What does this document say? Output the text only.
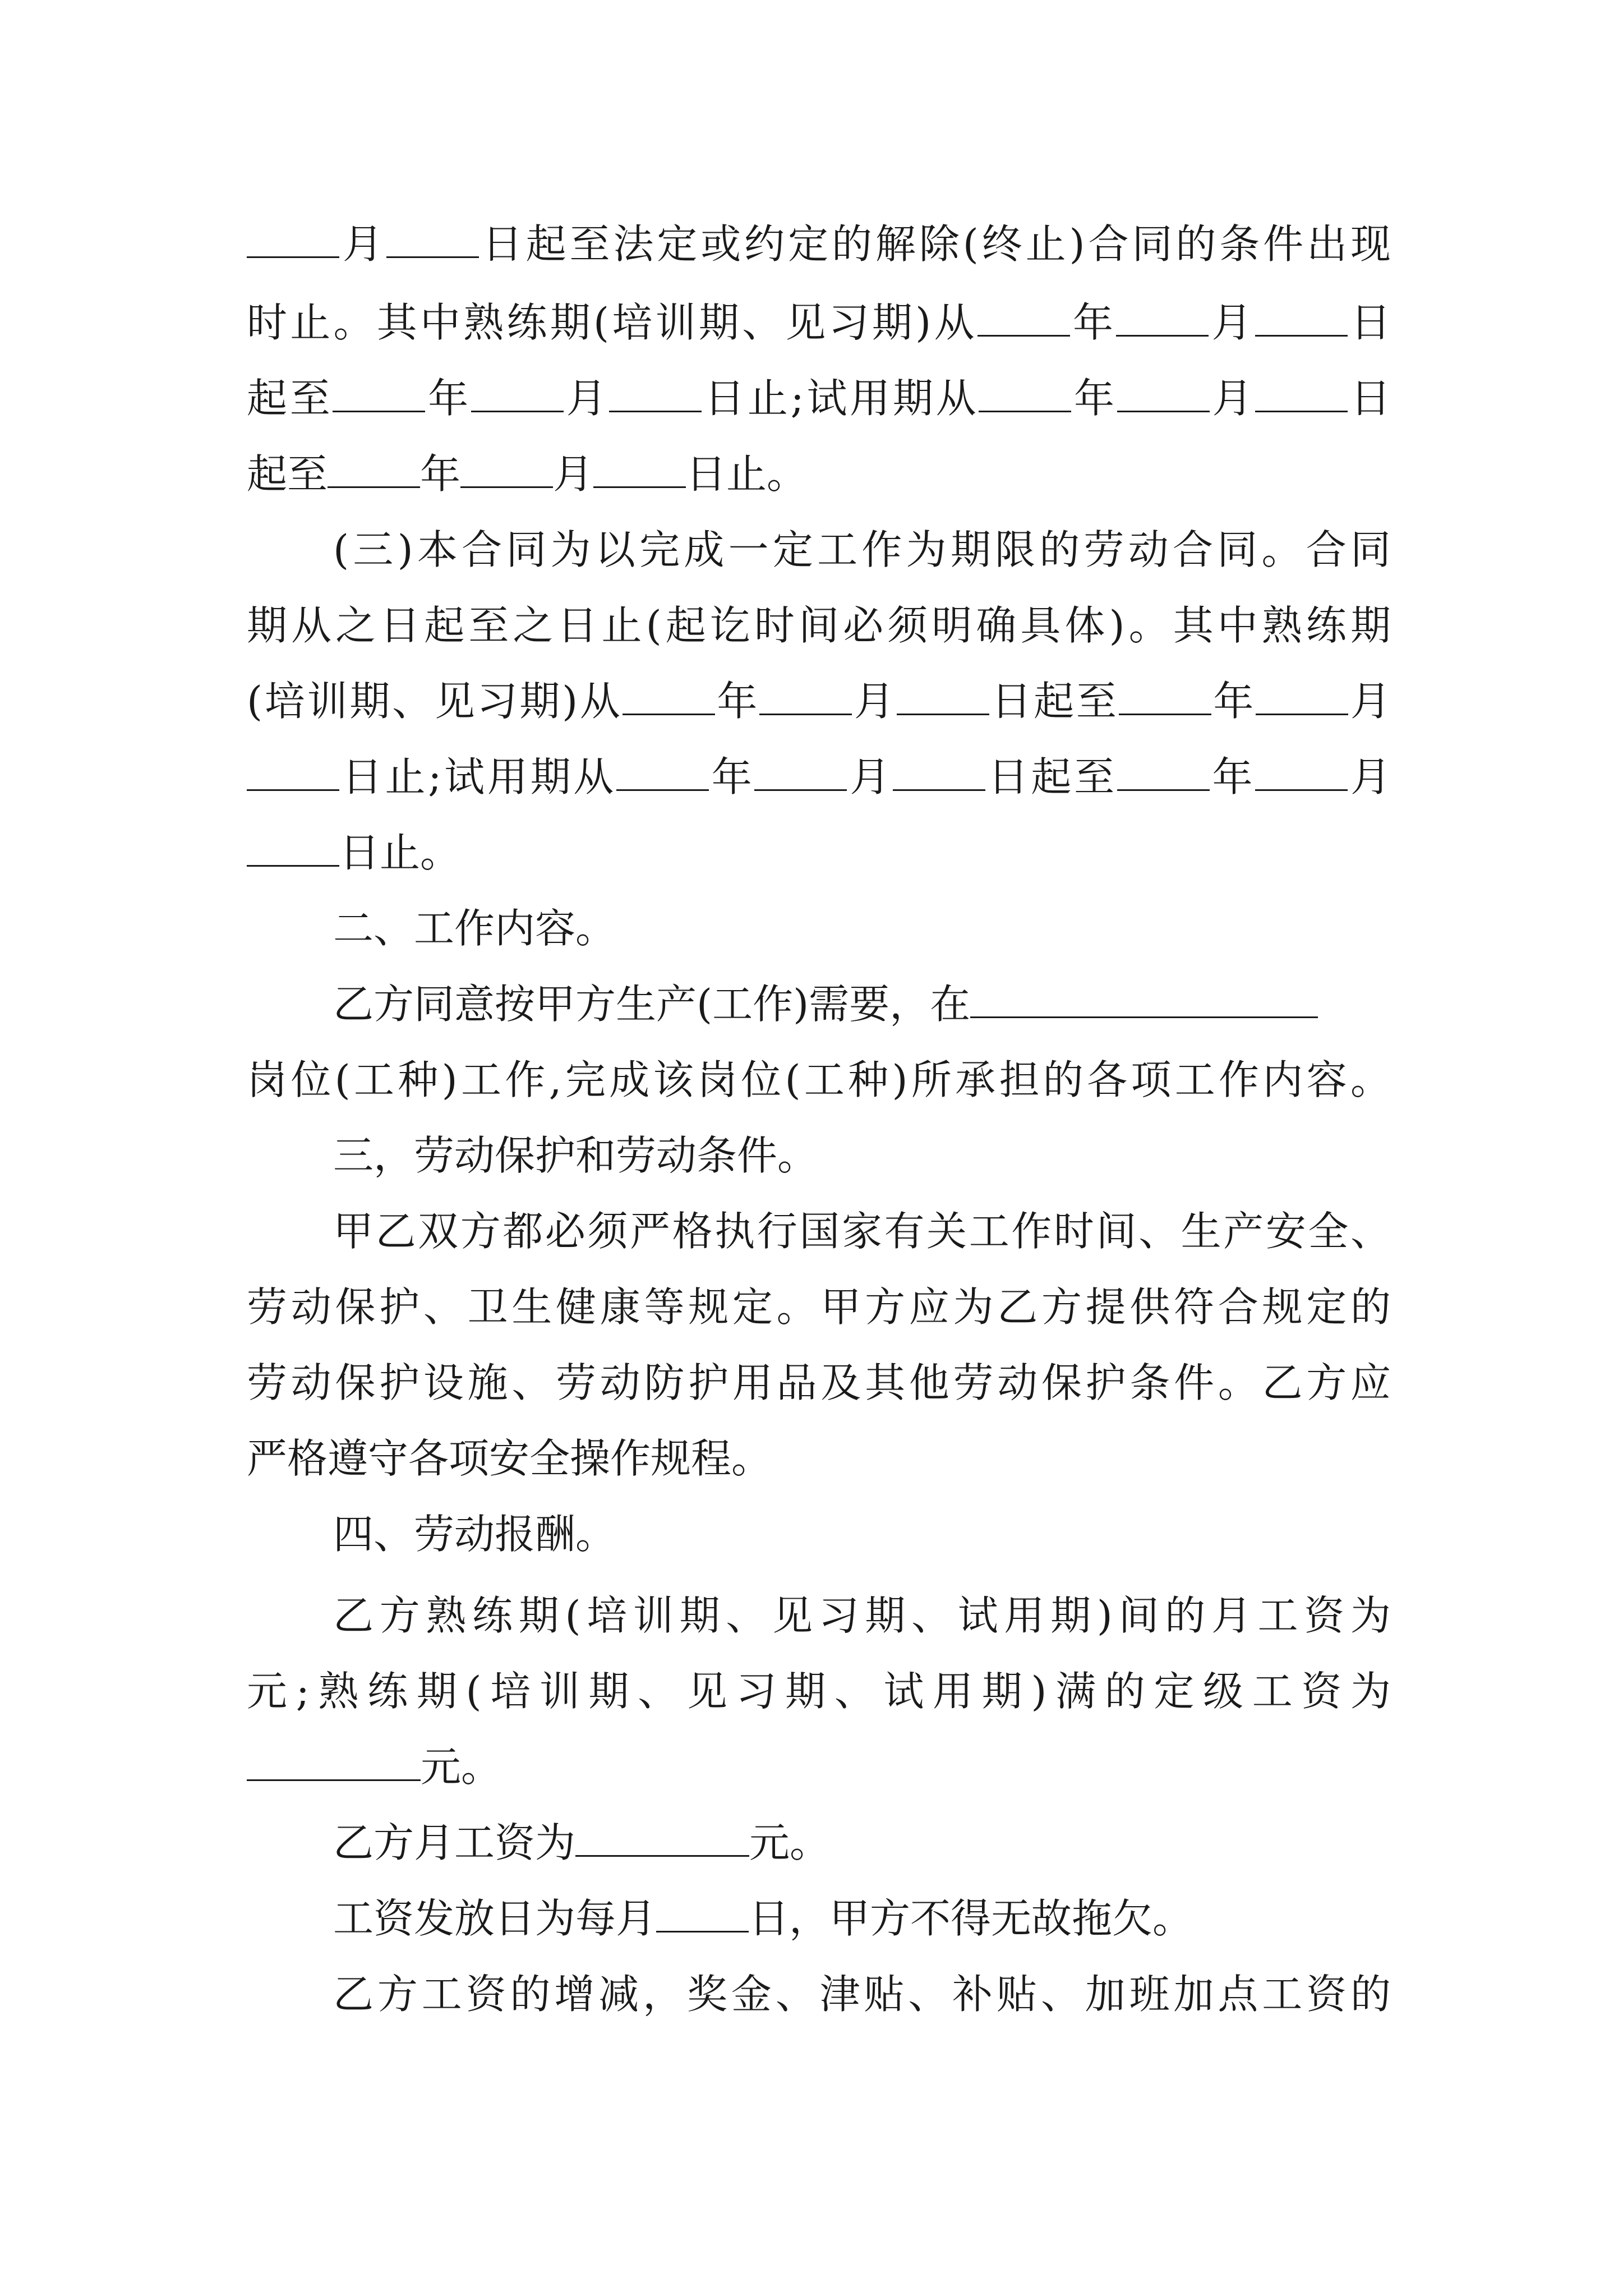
月 日起至法定或约定的解除(终止)合同的条件出现
时止。其中熟练期(培训期、见习期)从 年 月 日
起至 年 月 日止;试用期从 年 月 日
起至 年 月 日止。
(三)本合同为以完成一定工作为期限的劳动合同。合同
期从之日起至之日止(起讫时间必须明确具体)。其中熟练期
(培训期、见习期)从 年 月 日起至 年 月
日止;试用期从 年 月 日起至 年 月
日止。
二、工作内容。
乙方同意按甲方生产(工作)需要，在
岗位(工种)工作,完成该岗位(工种)所承担的各项工作内容。
三，劳动保护和劳动条件。
甲乙双方都必须严格执行国家有关工作时间、生产安全、
劳动保护、卫生健康等规定。甲方应为乙方提供符合规定的
劳动保护设施、劳动防护用品及其他劳动保护条件。乙方应
严格遵守各项安全操作规程。
四、劳动报酬。
乙方熟练期(培训期、见习期、试用期)间的月工资为
元;熟练期(培训期、见习期、试用期)满的定级工资为
元。
乙方月工资为	元。
工资发放日为每月 日，甲方不得无故拖欠。
乙方工资的增减，奖金、津贴、补贴、加班加点工资的
